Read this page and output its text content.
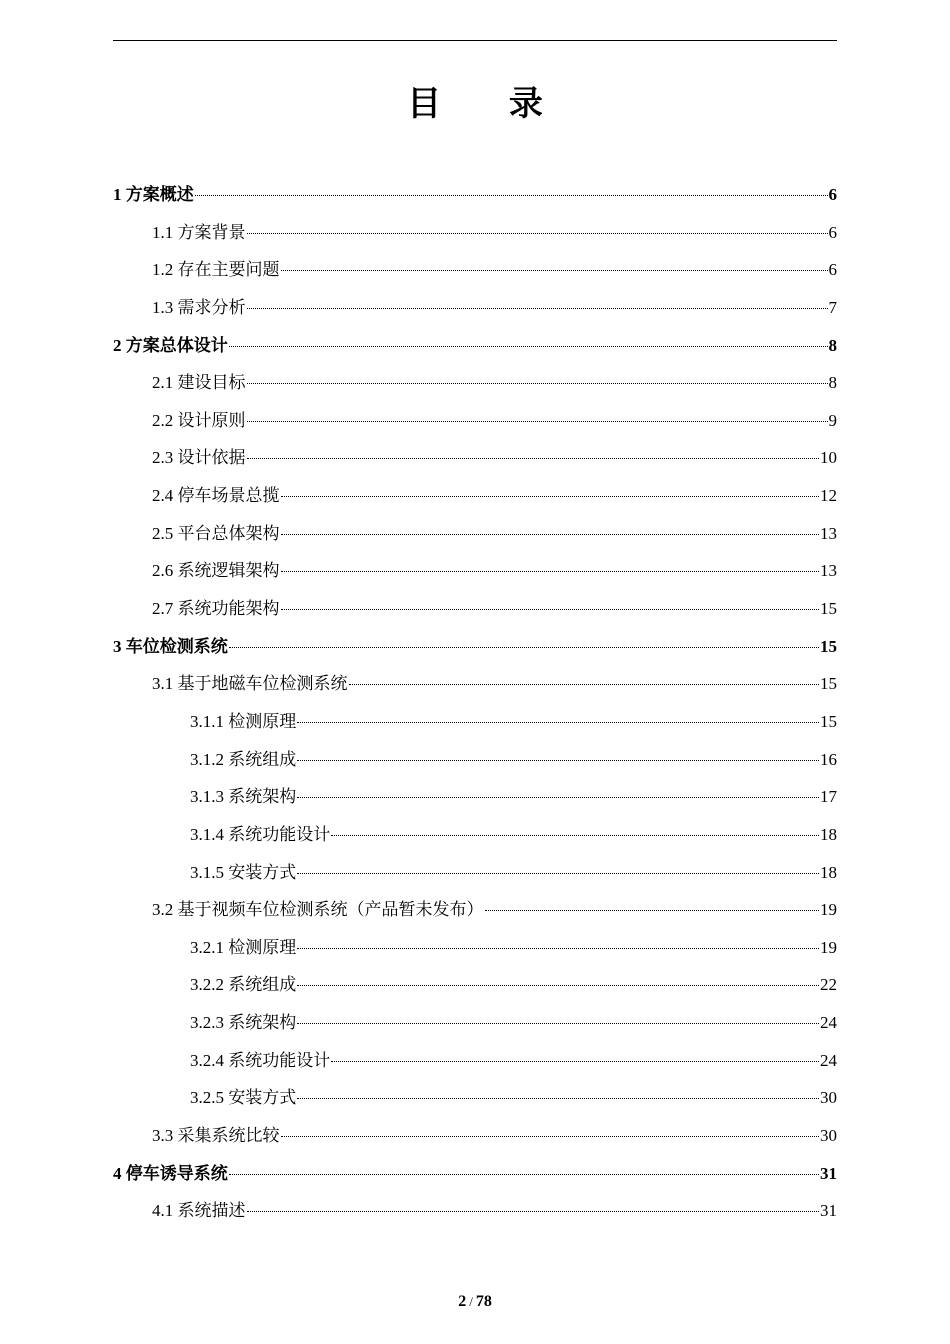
目 录
1 方案概述	6
1.1 方案背景	6
1.2 存在主要问题	6
1.3 需求分析	7
2 方案总体设计	8
2.1 建设目标	8
2.2 设计原则	9
2.3 设计依据	10
2.4 停车场景总揽	12
2.5 平台总体架构	13
2.6 系统逻辑架构	13
2.7 系统功能架构	15
3 车位检测系统	15
3.1 基于地磁车位检测系统	15
3.1.1 检测原理	15
3.1.2 系统组成	16
3.1.3 系统架构	17
3.1.4 系统功能设计	18
3.1.5 安装方式	18
3.2 基于视频车位检测系统（产品暂未发布）	19
3.2.1 检测原理	19
3.2.2 系统组成	22
3.2.3 系统架构	24
3.2.4 系统功能设计	24
3.2.5 安装方式	30
3.3 采集系统比较	30
4 停车诱导系统	31
4.1 系统描述	31
2 / 78
